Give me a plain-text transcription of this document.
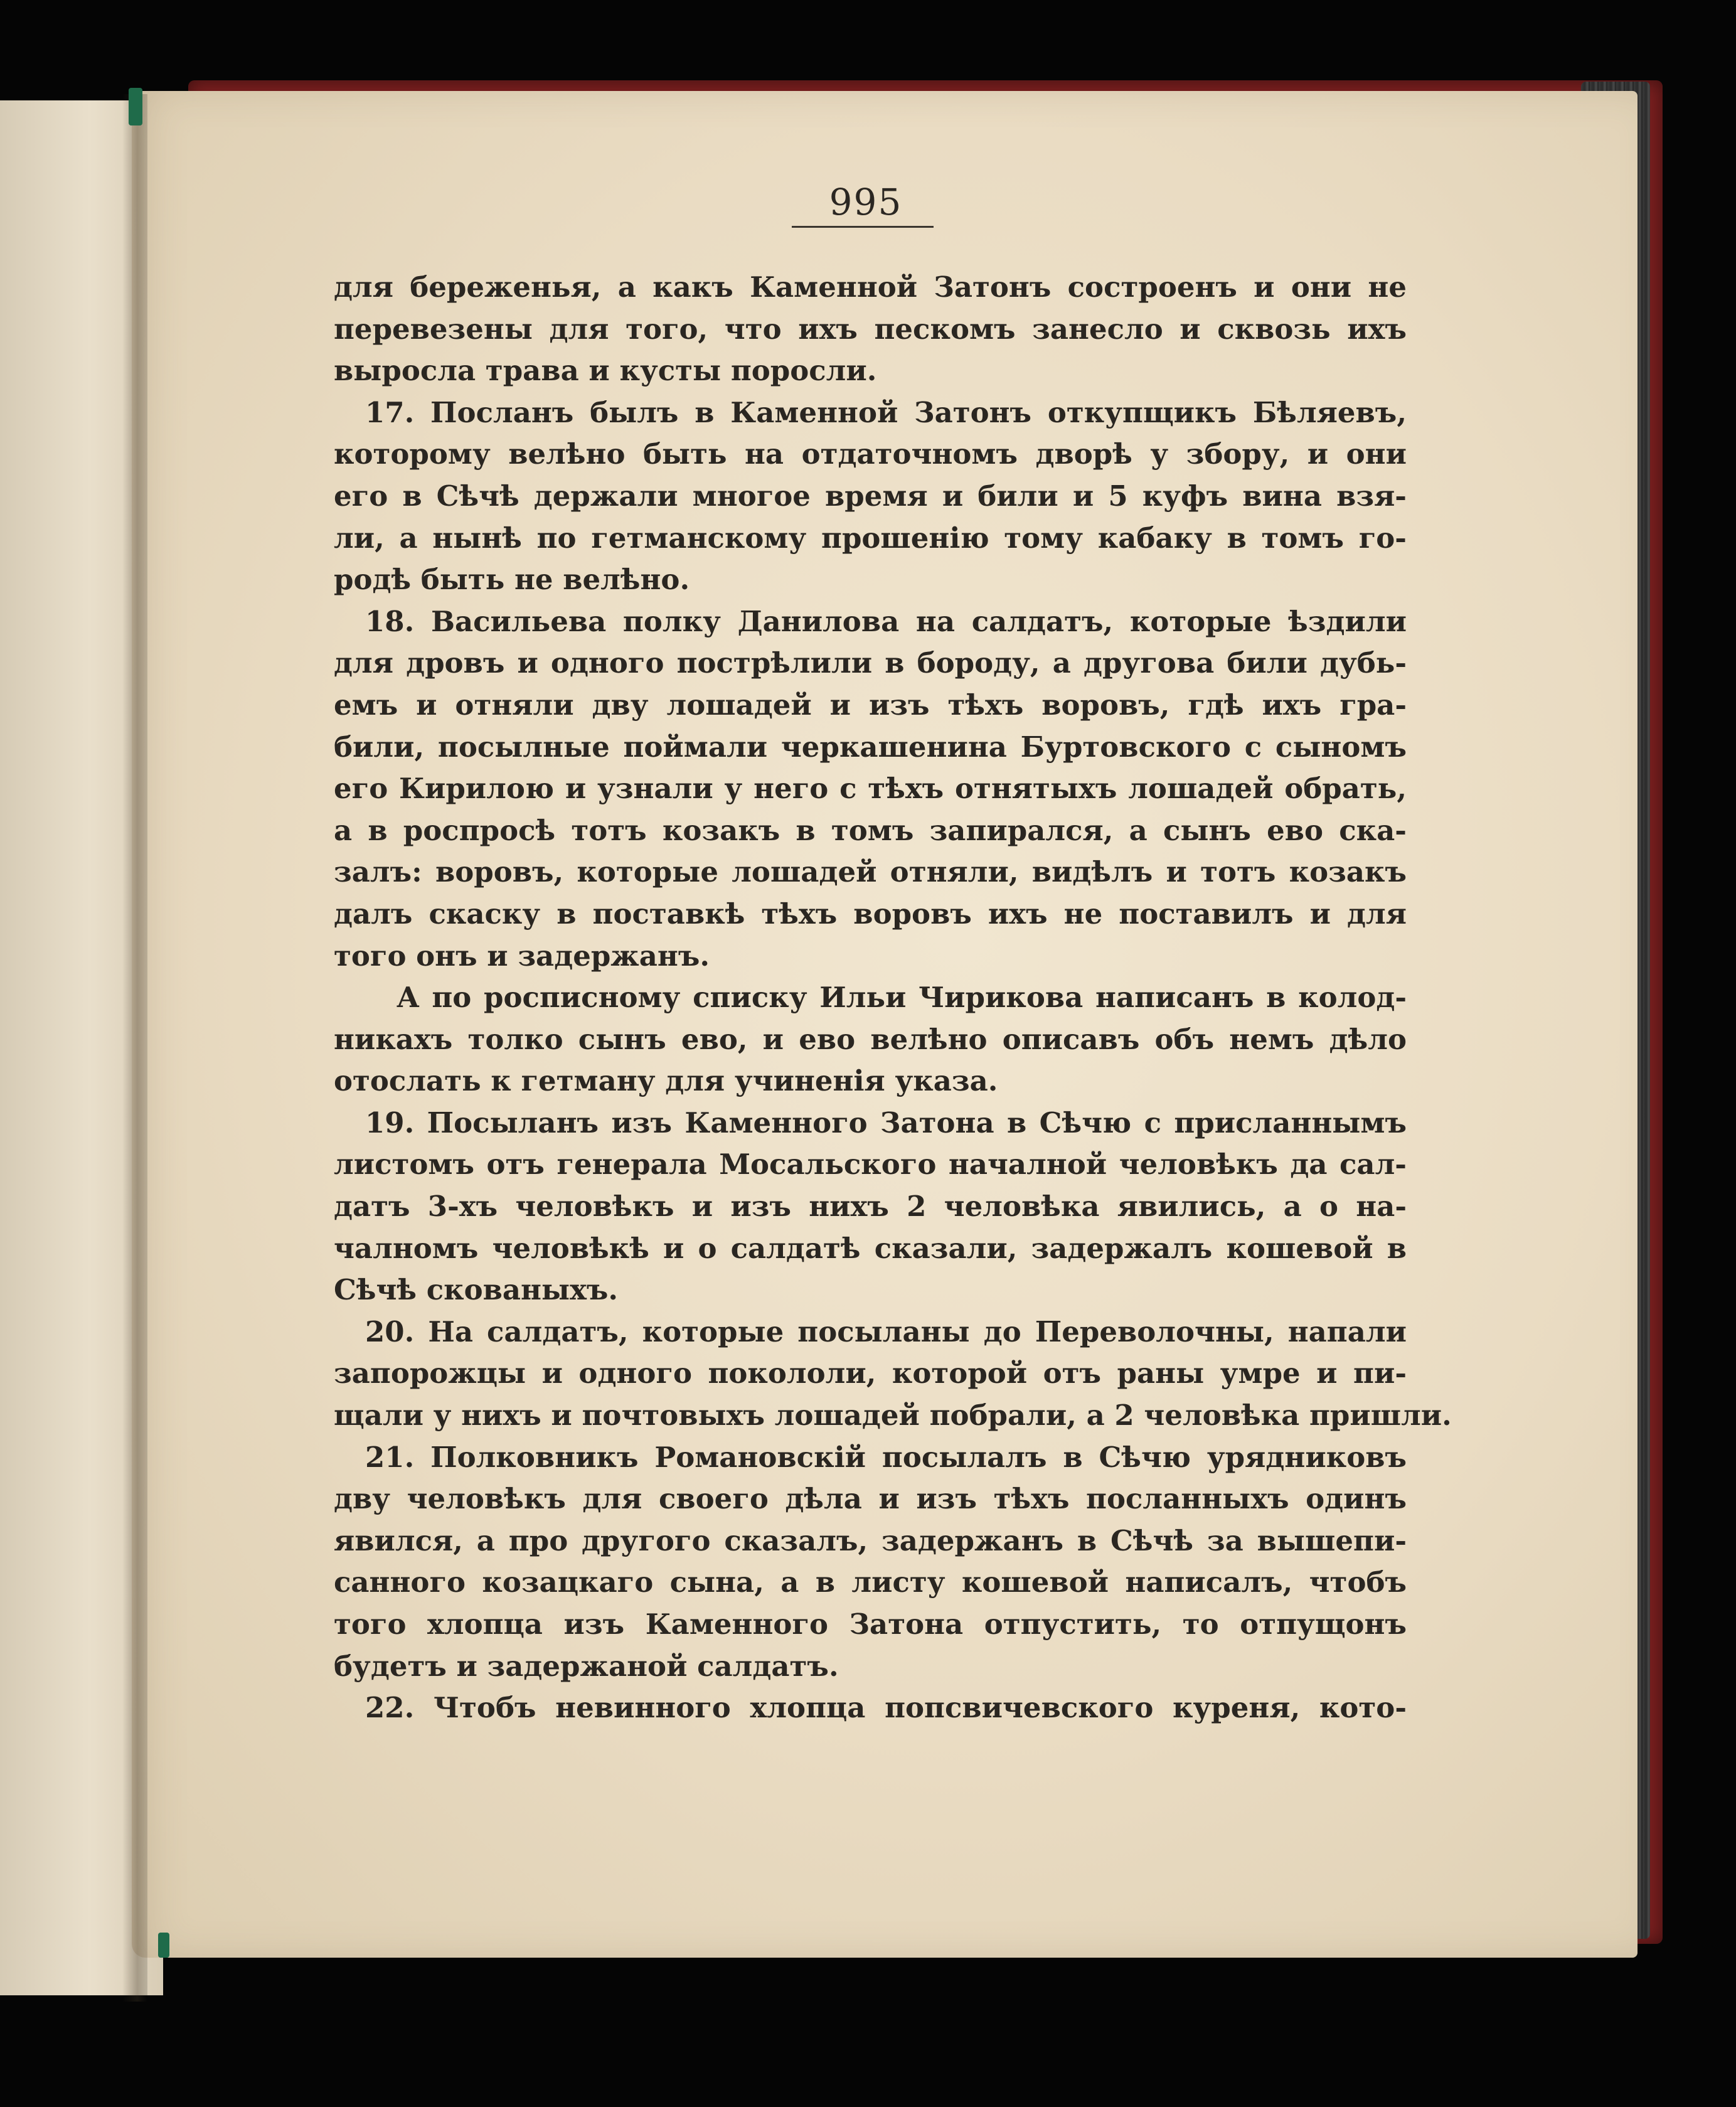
995
для береженья, а какъ Каменной Затонъ состроенъ и они не
перевезены для того, что ихъ пескомъ занесло и сквозь ихъ
выросла трава и кусты поросли.
17. Посланъ былъ в Каменной Затонъ откупщикъ Бѣляевъ,
которому велѣно быть на отдаточномъ дворѣ у збору, и они
его в Сѣчѣ держали многое время и били и 5 куфъ вина взя-
ли, а нынѣ по гетманскому прошенію тому кабаку в томъ го-
родѣ быть не велѣно.
18. Васильева полку Данилова на салдатъ, которые ѣздили
для дровъ и одного пострѣлили в бороду, а другова били дубь-
емъ и отняли дву лошадей и изъ тѣхъ воровъ, гдѣ ихъ гра-
били, посылные поймали черкашенина Буртовского с сыномъ
его Кирилою и узнали у него с тѣхъ отнятыхъ лошадей обрать,
а в роспросѣ тотъ козакъ в томъ запирался, а сынъ ево ска-
залъ: воровъ, которые лошадей отняли, видѣлъ и тотъ козакъ
далъ скаску в поставкѣ тѣхъ воровъ ихъ не поставилъ и для
того онъ и задержанъ.
А по росписному списку Ильи Чирикова написанъ в колод-
никахъ толко сынъ ево, и ево велѣно описавъ объ немъ дѣло
отослать к гетману для учиненія указа.
19. Посыланъ изъ Каменного Затона в Сѣчю с присланнымъ
листомъ отъ генерала Мосальского началной человѣкъ да сал-
датъ 3-хъ человѣкъ и изъ нихъ 2 человѣка явились, а о на-
чалномъ человѣкѣ и о салдатѣ сказали, задержалъ кошевой в
Сѣчѣ скованыхъ.
20. На салдатъ, которые посыланы до Переволочны, напали
запорожцы и одного покололи, которой отъ раны умре и пи-
щали у нихъ и почтовыхъ лошадей побрали, а 2 человѣка пришли.
21. Полковникъ Романовскій посылалъ в Сѣчю урядниковъ
дву человѣкъ для своего дѣла и изъ тѣхъ посланныхъ одинъ
явился, а про другого сказалъ, задержанъ в Сѣчѣ за вышепи-
санного козацкаго сына, а в листу кошевой написалъ, чтобъ
того хлопца изъ Каменного Затона отпустить, то отпущонъ
будетъ и задержаной салдатъ.
22. Чтобъ невинного хлопца попсвичевского куреня, кото-
